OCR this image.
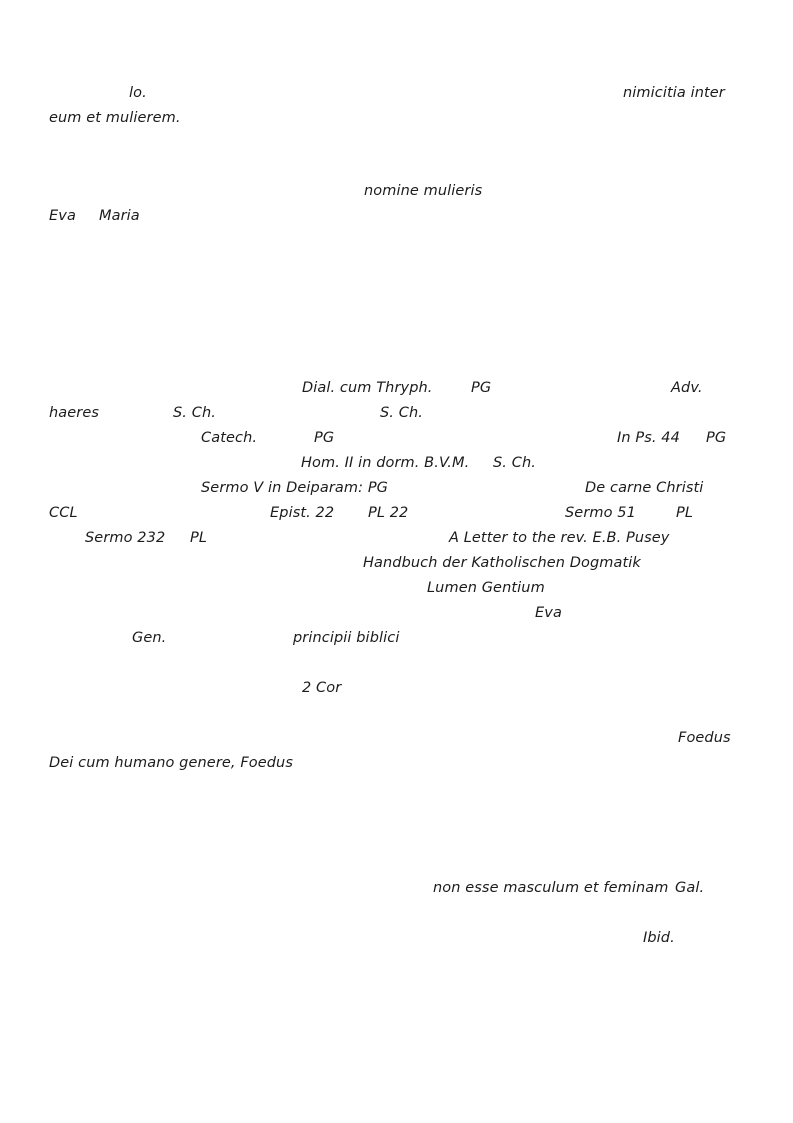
lo.	nimicitia inter
eum et mulierem.
nomine mulieris
Eva Maria
Dial. cum Thryph.	PG	Adv.
haeres	S. Ch.	S. Ch.
Catech.	PG	In Ps. 44 PG
Hom. II in dorm. B.V.M. S. Ch.
Sermo V in Deiparam: PG	De carne Christi
CCL	Epist. 22 PL 22	Sermo 51	PL
Sermo 232 PL	A Letter to the rev. E.B. Pusey
Handbuch der Katholischen Dogmatik
Lumen Gentium
Eva
Gen.	principii biblici
2 Cor
Foedus
Dei cum humano genere, Foedus
non esse masculum et feminam Gal.
Ibid.
